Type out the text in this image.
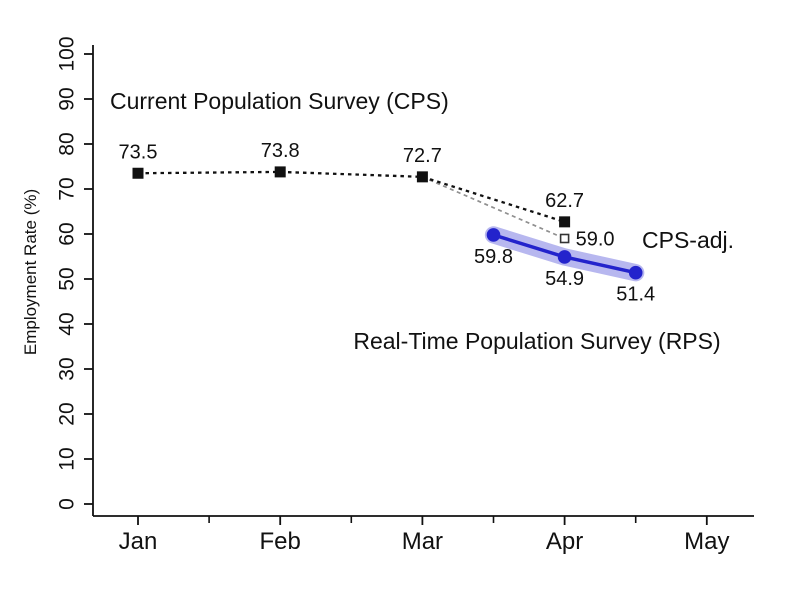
Jan	Feb	Mar	Apr	May
0
10
20
30
40
50
60
70
80
90
100
73.5	73.8	72.7
62.7
59.0
59.8
54.9
51.4
Current Population Survey (CPS)
Real-Time Population Survey (RPS)
CPS-adj.
Employment Rate (%)
